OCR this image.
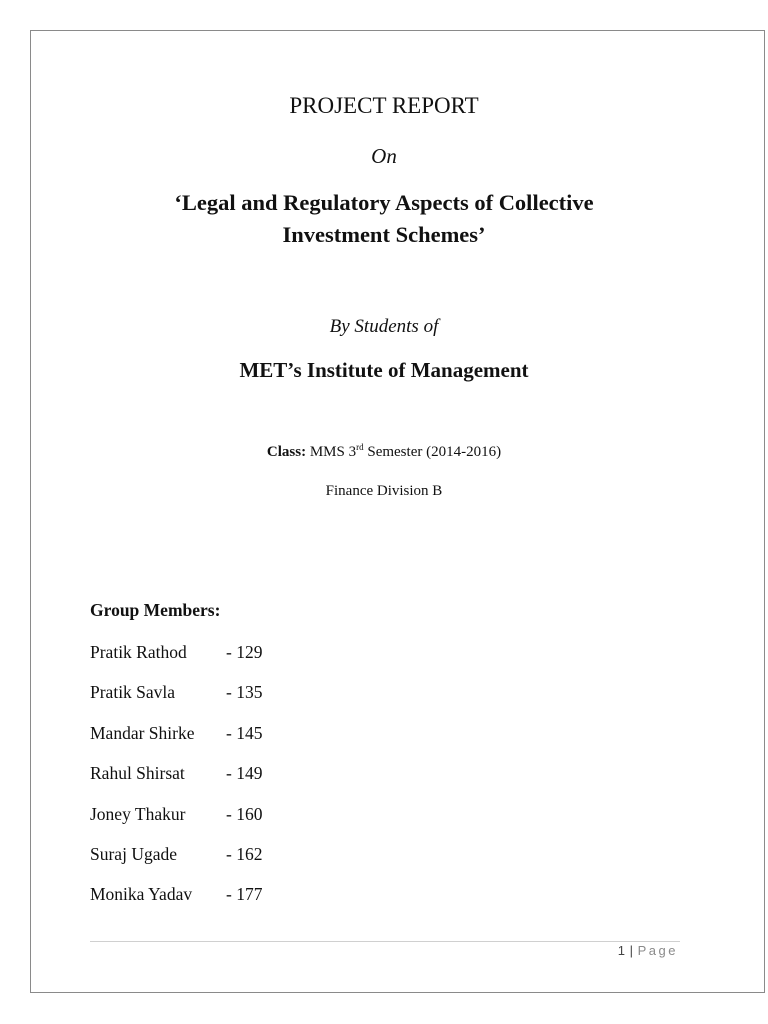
PROJECT REPORT
On
‘Legal and Regulatory Aspects of Collective
Investment Schemes’
By Students of
MET’s Institute of Management
Class: MMS 3rd Semester (2014-2016)
Finance Division B
Group Members:
Pratik Rathod	- 129
Pratik Savla	- 135
Mandar Shirke	- 145
Rahul Shirsat	- 149
Joney Thakur	- 160
Suraj Ugade	- 162
Monika Yadav	- 177
1 | Page
